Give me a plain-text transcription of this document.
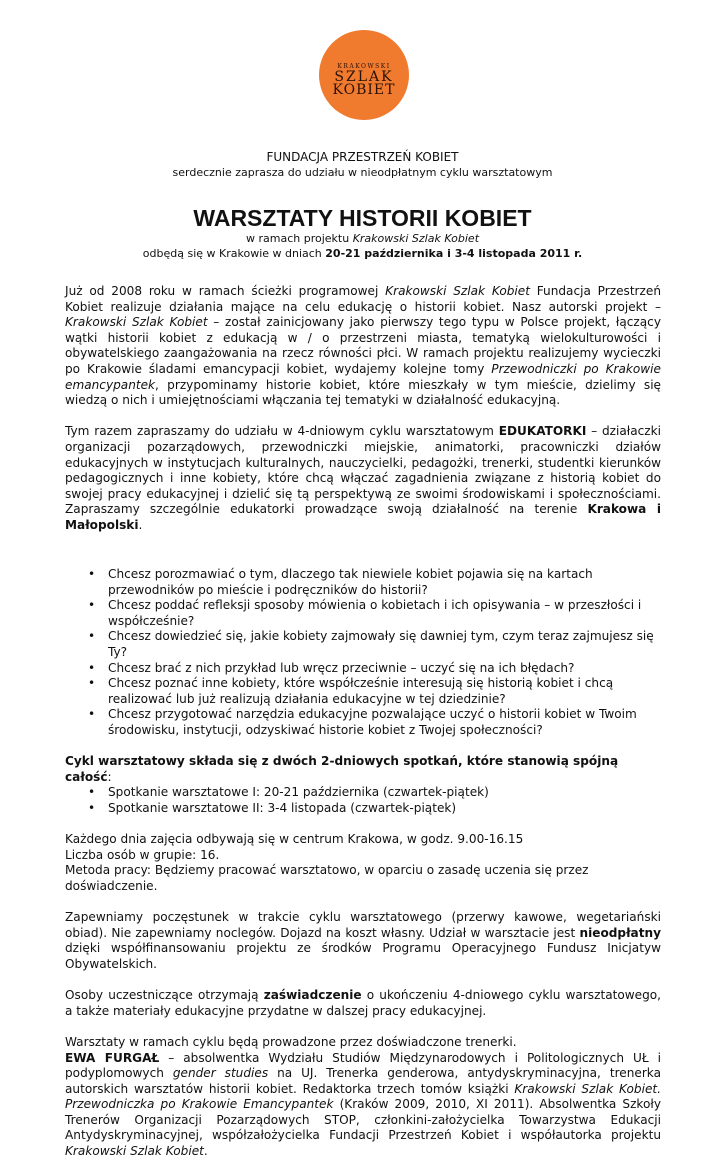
KRAKOWSKI
SZLAK
KOBIET
FUNDACJA PRZESTRZEŃ KOBIET
serdecznie zaprasza do udziału w nieodpłatnym cyklu warsztatowym
WARSZTATY HISTORII KOBIET
w ramach projektu Krakowski Szlak Kobiet
odbędą się w Krakowie w dniach 20-21 października i 3-4 listopada 2011 r.

Już od 2008 roku w ramach ścieżki programowej Krakowski Szlak Kobiet Fundacja Przestrzeń Kobiet realizuje działania mające na celu edukację o historii kobiet. Nasz autorski projekt – Krakowski Szlak Kobiet – został zainicjowany jako pierwszy tego typu w Polsce projekt, łączący wątki historii kobiet z edukacją w / o przestrzeni miasta, tematyką wielokulturowości i obywatelskiego zaangażowania na rzecz równości płci. W ramach projektu realizujemy wycieczki po Krakowie śladami emancypacji kobiet, wydajemy kolejne tomy Przewodniczki po Krakowie emancypantek, przypominamy historie kobiet, które mieszkały w tym mieście, dzielimy się wiedzą o nich i umiejętnościami włączania tej tematyki w działalność edukacyjną.

Tym razem zapraszamy do udziału w 4-dniowym cyklu warsztatowym EDUKATORKI – działaczki organizacji pozarządowych, przewodniczki miejskie, animatorki, pracowniczki działów edukacyjnych w instytucjach kulturalnych, nauczycielki, pedagożki, trenerki, studentki kierunków pedagogicznych i inne kobiety, które chcą włączać zagadnienia związane z historią kobiet do swojej pracy edukacyjnej i dzielić się tą perspektywą ze swoimi środowiskami i społecznościami. Zapraszamy szczególnie edukatorki prowadzące swoją działalność na terenie Krakowa i Małopolski.

• Chcesz porozmawiać o tym, dlaczego tak niewiele kobiet pojawia się na kartach przewodników po mieście i podręczników do historii?
• Chcesz poddać refleksji sposoby mówienia o kobietach i ich opisywania – w przeszłości i współcześnie?
• Chcesz dowiedzieć się, jakie kobiety zajmowały się dawniej tym, czym teraz zajmujesz się Ty?
• Chcesz brać z nich przykład lub wręcz przeciwnie – uczyć się na ich błędach?
• Chcesz poznać inne kobiety, które współcześnie interesują się historią kobiet i chcą realizować lub już realizują działania edukacyjne w tej dziedzinie?
• Chcesz przygotować narzędzia edukacyjne pozwalające uczyć o historii kobiet w Twoim środowisku, instytucji, odzyskiwać historie kobiet z Twojej społeczności?
Cykl warsztatowy składa się z dwóch 2-dniowych spotkań, które stanowią spójną całość:
• Spotkanie warsztatowe I: 20-21 października (czwartek-piątek)
• Spotkanie warsztatowe II: 3-4 listopada (czwartek-piątek)
Każdego dnia zajęcia odbywają się w centrum Krakowa, w godz. 9.00-16.15
Liczba osób w grupie: 16.

Metoda pracy: Będziemy pracować warsztatowo, w oparciu o zasadę uczenia się przez doświadczenie.

Zapewniamy poczęstunek w trakcie cyklu warsztatowego (przerwy kawowe, wegetariański obiad). Nie zapewniamy noclegów. Dojazd na koszt własny. Udział w warsztacie jest nieodpłatny dzięki współfinansowaniu projektu ze środków Programu Operacyjnego Fundusz Inicjatyw Obywatelskich.

Osoby uczestniczące otrzymają zaświadczenie o ukończeniu 4-dniowego cyklu warsztatowego, a także materiały edukacyjne przydatne w dalszej pracy edukacyjnej.

Warsztaty w ramach cyklu będą prowadzone przez doświadczone trenerki.

EWA FURGAŁ – absolwentka Wydziału Studiów Międzynarodowych i Politologicznych UŁ i podyplomowych gender studies na UJ. Trenerka genderowa, antydyskryminacyjna, trenerka autorskich warsztatów historii kobiet. Redaktorka trzech tomów książki Krakowski Szlak Kobiet. Przewodniczka po Krakowie Emancypantek (Kraków 2009, 2010, XI 2011). Absolwentka Szkoły Trenerów Organizacji Pozarządowych STOP, członkini-założycielka Towarzystwa Edukacji Antydyskryminacyjnej, współzałożycielka Fundacji Przestrzeń Kobiet i współautorka projektu Krakowski Szlak Kobiet.
